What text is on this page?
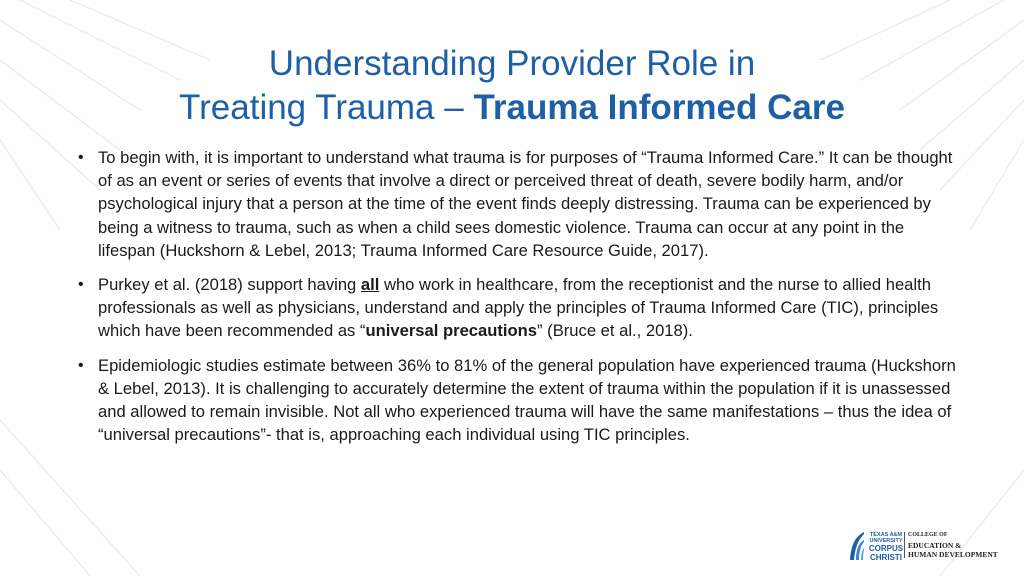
Understanding Provider Role in
Treating Trauma – Trauma Informed Care
• To begin with, it is important to understand what trauma is for purposes of “Trauma Informed Care.” It can be thought of as an event or series of events that involve a direct or perceived threat of death, severe bodily harm, and/or psychological injury that a person at the time of the event finds deeply distressing. Trauma can be experienced by being a witness to trauma, such as when a child sees domestic violence. Trauma can occur at any point in the lifespan (Huckshorn & Lebel, 2013; Trauma Informed Care Resource Guide, 2017).
• Purkey et al. (2018) support having all who work in healthcare, from the receptionist and the nurse to allied health professionals as well as physicians, understand and apply the principles of Trauma Informed Care (TIC), principles which have been recommended as “universal precautions” (Bruce et al., 2018).
• Epidemiologic studies estimate between 36% to 81% of the general population have experienced trauma (Huckshorn & Lebel, 2013). It is challenging to accurately determine the extent of trauma within the population if it is unassessed and allowed to remain invisible. Not all who experienced trauma will have the same manifestations – thus the idea of “universal precautions”- that is, approaching each individual using TIC principles.
TEXAS A&M
UNIVERSITY
CORPUS
CHRISTI
COLLEGE OF
EDUCATION &
HUMAN DEVELOPMENT
